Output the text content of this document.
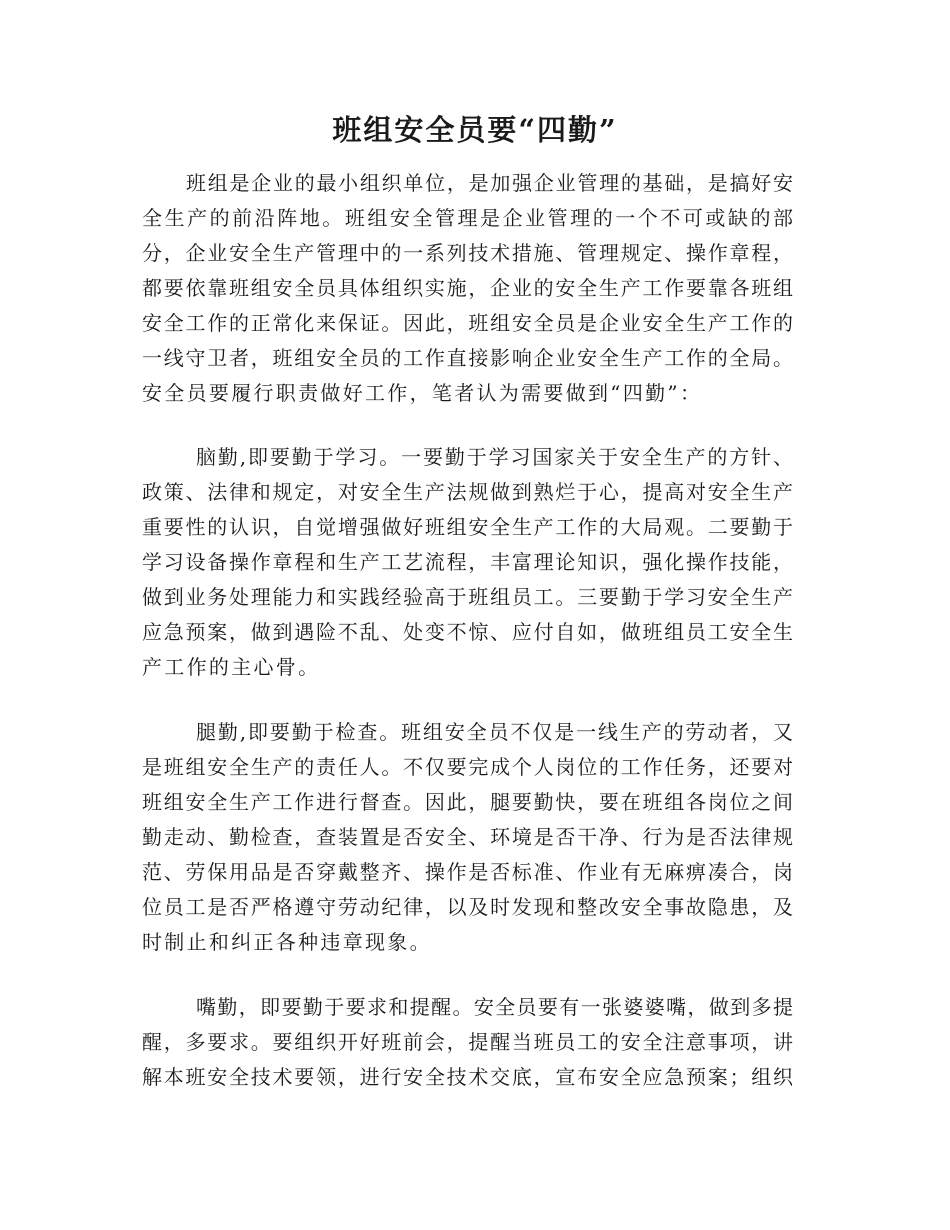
班组安全员要“四勤”
班组是企业的最小组织单位，是加强企业管理的基础，是搞好安
全生产的前沿阵地。班组安全管理是企业管理的一个不可或缺的部
分，企业安全生产管理中的一系列技术措施、管理规定、操作章程，
都要依靠班组安全员具体组织实施，企业的安全生产工作要靠各班组
安全工作的正常化来保证。因此，班组安全员是企业安全生产工作的
一线守卫者，班组安全员的工作直接影响企业安全生产工作的全局。
安全员要履行职责做好工作，笔者认为需要做到“四勤”：
脑勤,即要勤于学习。一要勤于学习国家关于安全生产的方针、
政策、法律和规定，对安全生产法规做到熟烂于心，提高对安全生产
重要性的认识，自觉增强做好班组安全生产工作的大局观。二要勤于
学习设备操作章程和生产工艺流程，丰富理论知识，强化操作技能，
做到业务处理能力和实践经验高于班组员工。三要勤于学习安全生产
应急预案，做到遇险不乱、处变不惊、应付自如，做班组员工安全生
产工作的主心骨。
腿勤,即要勤于检查。班组安全员不仅是一线生产的劳动者，又
是班组安全生产的责任人。不仅要完成个人岗位的工作任务，还要对
班组安全生产工作进行督查。因此，腿要勤快，要在班组各岗位之间
勤走动、勤检查，查装置是否安全、环境是否干净、行为是否法律规
范、劳保用品是否穿戴整齐、操作是否标准、作业有无麻痹凑合，岗
位员工是否严格遵守劳动纪律，以及时发现和整改安全事故隐患，及
时制止和纠正各种违章现象。
嘴勤，即要勤于要求和提醒。安全员要有一张婆婆嘴，做到多提
醒，多要求。要组织开好班前会，提醒当班员工的安全注意事项，讲
解本班安全技术要领，进行安全技术交底，宣布安全应急预案；组织
